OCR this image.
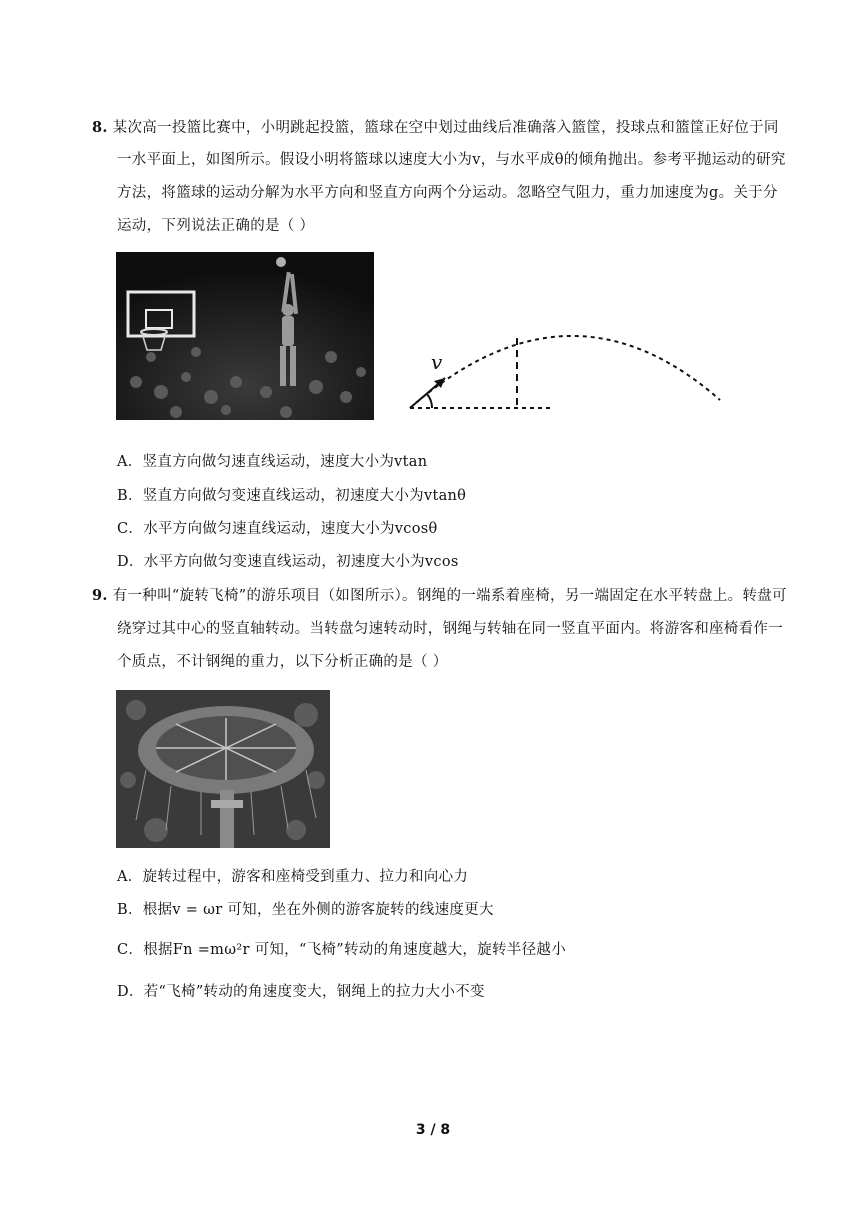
8. 某次高一投篮比赛中，小明跳起投篮，篮球在空中划过曲线后准确落入篮筐，投球点和篮筐正好位于同
一水平面上，如图所示。假设小明将篮球以速度大小为v，与水平成θ的倾角抛出。参考平抛运动的研究
方法，将篮球的运动分解为水平方向和竖直方向两个分运动。忽略空气阻力，重力加速度为g。关于分
运动，下列说法正确的是（ ）
v
A．竖直方向做匀速直线运动，速度大小为vtan
B．竖直方向做匀变速直线运动，初速度大小为vtanθ
C．水平方向做匀速直线运动，速度大小为vcosθ
D．水平方向做匀变速直线运动，初速度大小为vcos
9. 有一种叫“旋转飞椅”的游乐项目（如图所示）。钢绳的一端系着座椅，另一端固定在水平转盘上。转盘可
绕穿过其中心的竖直轴转动。当转盘匀速转动时，钢绳与转轴在同一竖直平面内。将游客和座椅看作一
个质点，不计钢绳的重力，以下分析正确的是（ ）
A．旋转过程中，游客和座椅受到重力、拉力和向心力
B．根据v = ωr 可知，坐在外侧的游客旋转的线速度更大
C．根据Fn =mω²r 可知，“飞椅”转动的角速度越大，旋转半径越小
D．若“飞椅”转动的角速度变大，钢绳上的拉力大小不变
3 / 8
